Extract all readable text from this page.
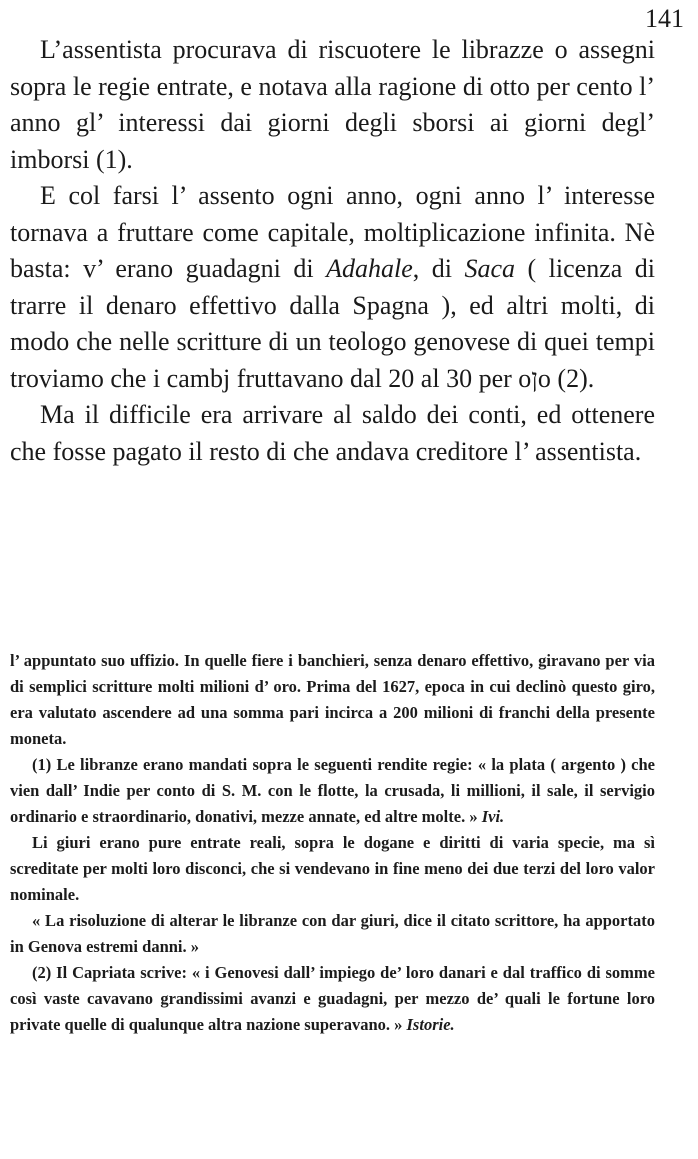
141

L’assentista procurava di riscuotere le librazze o assegni sopra le regie entrate, e notava alla ragione di otto per cento l’ anno gl’ interessi dai giorni degli sborsi ai giorni degl’ imborsi (1).

E col farsi l’ assento ogni anno, ogni anno l’ interesse tornava a fruttare come capitale, moltiplicazione infinita. Nè basta: v’ erano guadagni di Adahale, di Saca ( licenza di trarre il denaro effettivo dalla Spagna ), ed altri molti, di modo che nelle scritture di un teologo genovese di quei tempi troviamo che i cambj fruttavano dal 20 al 30 per oןo (2).

Ma il difficile era arrivare al saldo dei conti, ed ottenere che fosse pagato il resto di che andava creditore l’ assentista.

l’ appuntato suo uffizio. In quelle fiere i banchieri, senza denaro effettivo, giravano per via di semplici scritture molti milioni d’ oro. Prima del 1627, epoca in cui declinò questo giro, era valutato ascendere ad una somma pari incirca a 200 milioni di franchi della presente moneta.

(1) Le libranze erano mandati sopra le seguenti rendite regie: « la plata ( argento ) che vien dall’ Indie per conto di S. M. con le flotte, la crusada, li millioni, il sale, il servigio ordinario e straordinario, donativi, mezze annate, ed altre molte. » Ivi.

Li giuri erano pure entrate reali, sopra le dogane e diritti di varia specie, ma sì screditate per molti loro disconci, che si vendevano in fine meno dei due terzi del loro valor nominale.

« La risoluzione di alterar le libranze con dar giuri, dice il citato scrittore, ha apportato in Genova estremi danni. »

(2) Il Capriata scrive: « i Genovesi dall’ impiego de’ loro danari e dal traffico di somme così vaste cavavano grandissimi avanzi e guadagni, per mezzo de’ quali le fortune loro private quelle di qualunque altra nazione superavano. » Istorie.
